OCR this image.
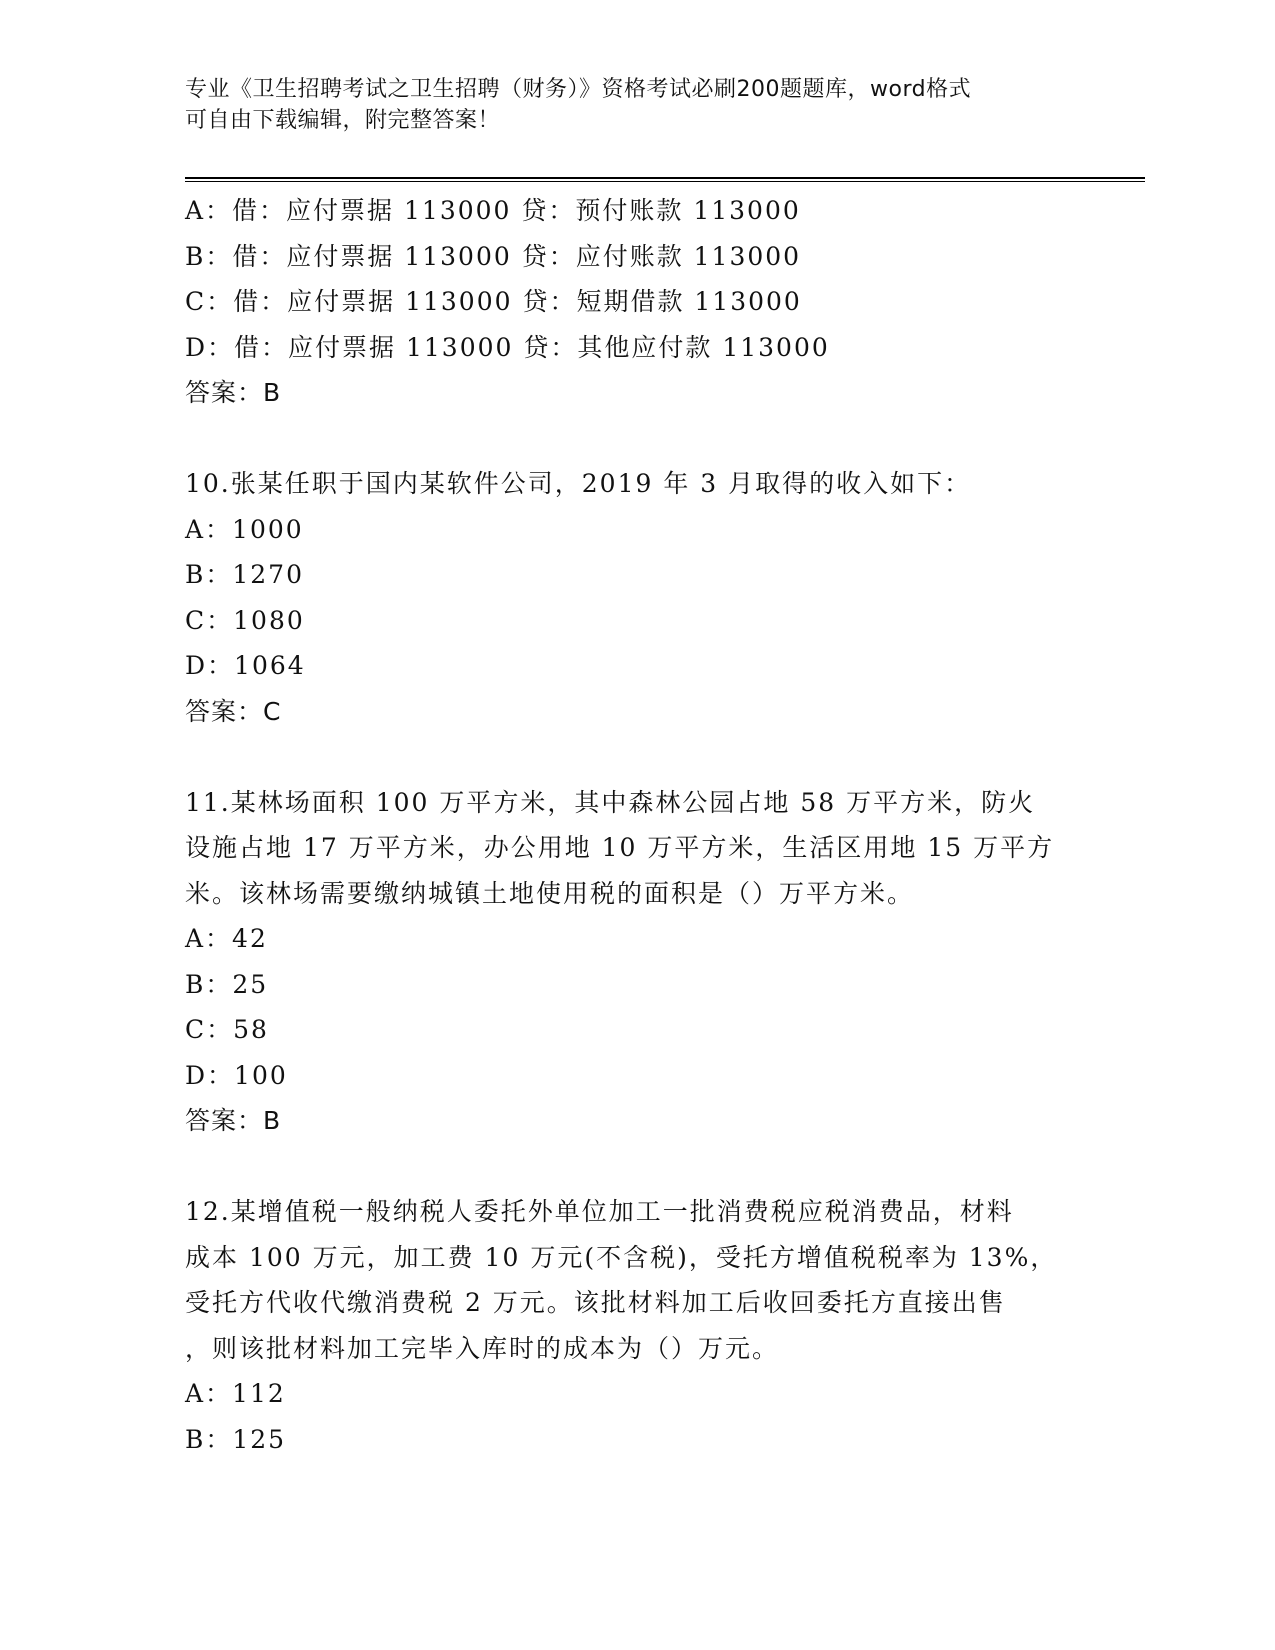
专业《卫生招聘考试之卫生招聘（财务）》资格考试必刷200题题库，word格式
可自由下载编辑，附完整答案！

A：借：应付票据 113000 贷：预付账款 113000

B：借：应付票据 113000 贷：应付账款 113000

C：借：应付票据 113000 贷：短期借款 113000

D：借：应付票据 113000 贷：其他应付款 113000

答案：B

10.张某任职于国内某软件公司，2019 年 3 月取得的收入如下：

A：1000

B：1270

C：1080

D：1064

答案：C

11.某林场面积 100 万平方米，其中森林公园占地 58 万平方米，防火

设施占地 17 万平方米，办公用地 10 万平方米，生活区用地 15 万平方

米。该林场需要缴纳城镇土地使用税的面积是（）万平方米。

A：42

B：25

C：58

D：100

答案：B

12.某增值税一般纳税人委托外单位加工一批消费税应税消费品，材料

成本 100 万元，加工费 10 万元(不含税)，受托方增值税税率为 13%，

受托方代收代缴消费税 2 万元。该批材料加工后收回委托方直接出售

，则该批材料加工完毕入库时的成本为（）万元。

A：112

B：125
